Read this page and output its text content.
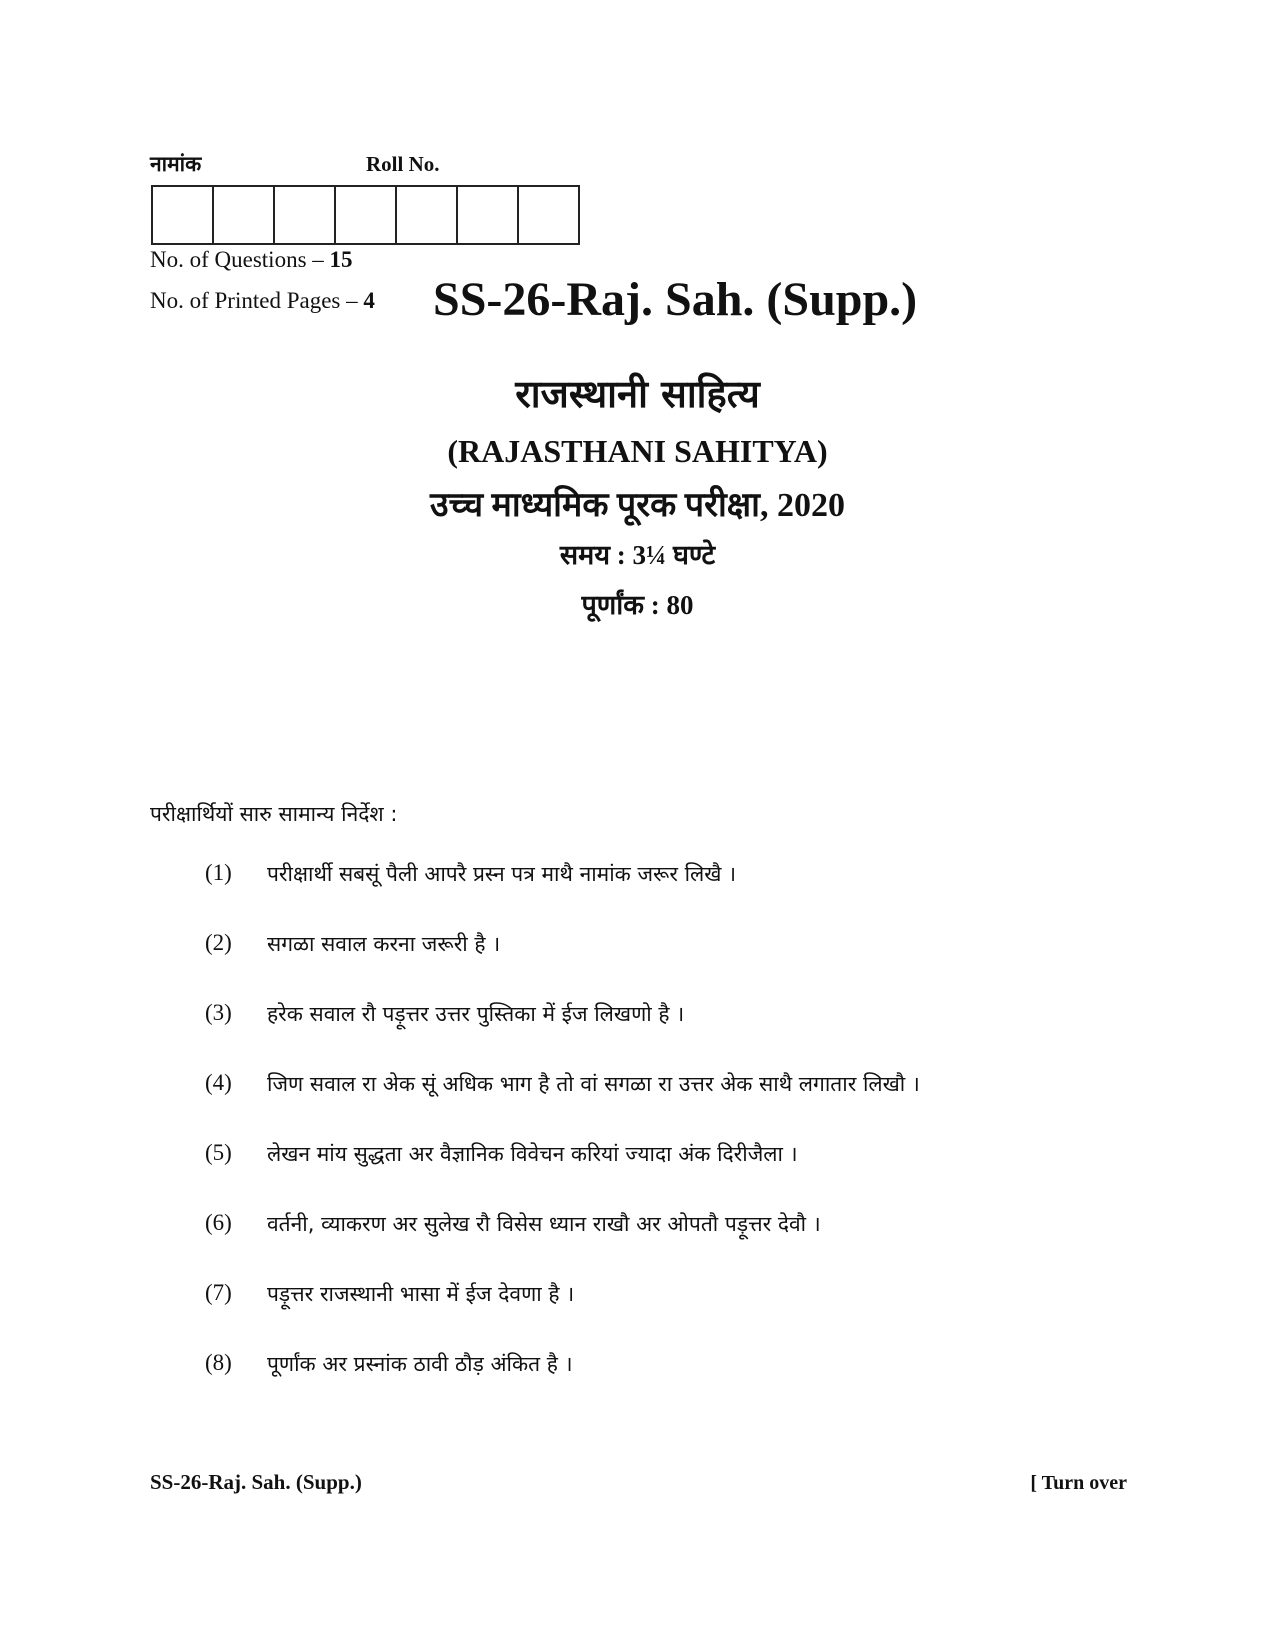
नामांक	Roll No.
No. of Questions – 15
No. of Printed Pages – 4 SS-26-Raj. Sah. (Supp.)
राजस्थानी साहित्य
(RAJASTHANI SAHITYA)
उच्च माध्यमिक पूरक परीक्षा, 2020
समय : 3¼ घण्टे
पूर्णांक : 80
परीक्षार्थियों सारु सामान्य निर्देश :
(1)	परीक्षार्थी सबसूं पैली आपरै प्रस्न पत्र माथै नामांक जरूर लिखै ।
(2)	सगळा सवाल करना जरूरी है ।
(3)	हरेक सवाल रौ पड़ूत्तर उत्तर पुस्तिका में ईज लिखणो है ।
(4)	जिण सवाल रा अेक सूं अधिक भाग है तो वां सगळा रा उत्तर अेक साथै लगातार लिखौ ।
(5)	लेखन मांय सुद्धता अर वैज्ञानिक विवेचन करियां ज्यादा अंक दिरीजैला ।
(6)	वर्तनी, व्याकरण अर सुलेख रौ विसेस ध्यान राखौ अर ओपतौ पड़ूत्तर देवौ ।
(7)	पड़ूत्तर राजस्थानी भासा में ईज देवणा है ।
(8)	पूर्णांक अर प्रस्नांक ठावी ठौड़ अंकित है ।
SS-26-Raj. Sah. (Supp.)	[ Turn over
